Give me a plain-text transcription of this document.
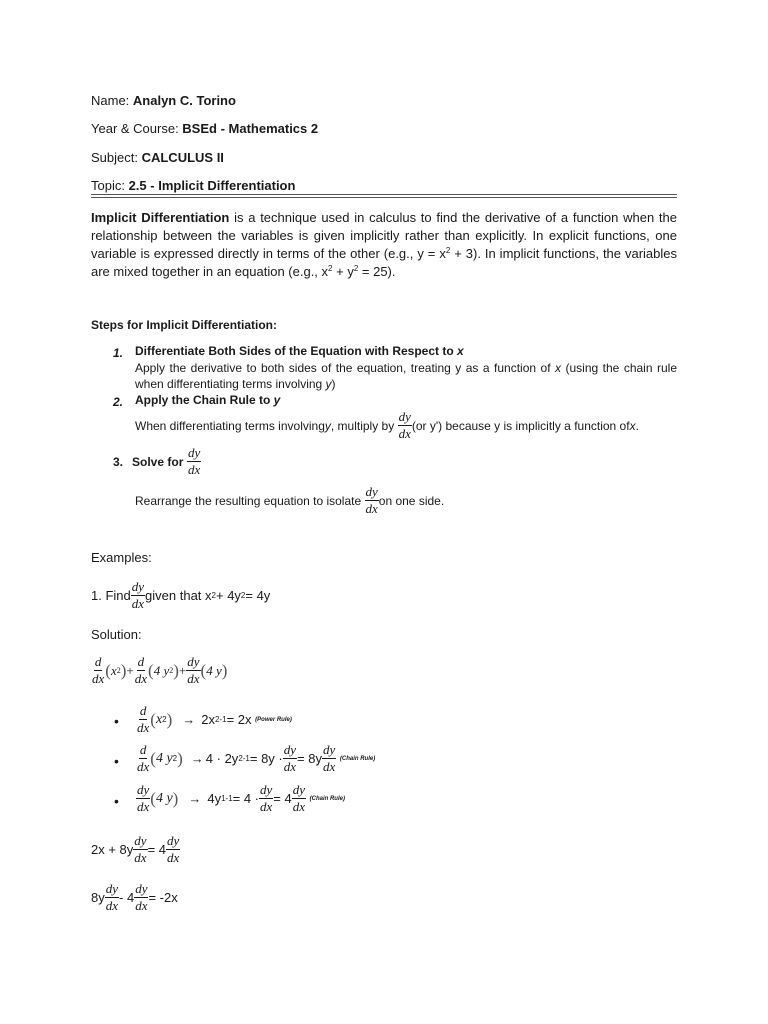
Name: Analyn C. Torino
Year & Course: BSEd - Mathematics 2
Subject: CALCULUS II
Topic: 2.5 - Implicit Differentiation
Implicit Differentiation is a technique used in calculus to find the derivative of a function when the relationship between the variables is given implicitly rather than explicitly. In explicit functions, one variable is expressed directly in terms of the other (e.g., $y = x^2 + 3$). In implicit functions, the variables are mixed together in an equation (e.g., $x^2 + y^2 = 25$).
Steps for Implicit Differentiation:
1. Differentiate Both Sides of the Equation with Respect to x
Apply the derivative to both sides of the equation, treating y as a function of x (using the chain rule when differentiating terms involving y)
2. Apply the Chain Rule to y
When differentiating terms involving y , multiply by
$\frac{dy}{dx} (or$ y') because y is implicitly a function of x .
3. Solve for
$\frac{dy}{dx}$
Rearrange the resulting equation to isolate
$\frac{dy}{dx}$ on one side.
Examples:
1. Find $\frac{dy}{dx}$ given that x 2 + 4y 2 = 4y
Solution:
$\frac{d}{dx}$ ( x 2 ) + $\frac{d}{dx}$ ( 4 y 2 ) + $\frac{dy}{dx}$ ( 4 y )
• $\frac{d}{dx}$ ( x 2 ) → 2x 2-1 = 2x
(Power Rule)
• $\frac{d}{dx}$ ( 4 y 2 ) → 4 · 2y $2-1 = 8y \cdot \frac{dy}{dx} = 8y \frac{dy}{dx}$
(Chain Rule)
• $\frac{dy}{dx}$ ( 4 y ) → 4y $1-1 = 4 \cdot \frac{dy}{dx} = 4 \frac{dy}{dx}$
(Chain Rule)
$2x + 8y \frac{dy}{dx} = 4 \frac{dy}{dx}$
$8y \frac{dy}{dx} - 4 \frac{dy}{dx} = -2x$
